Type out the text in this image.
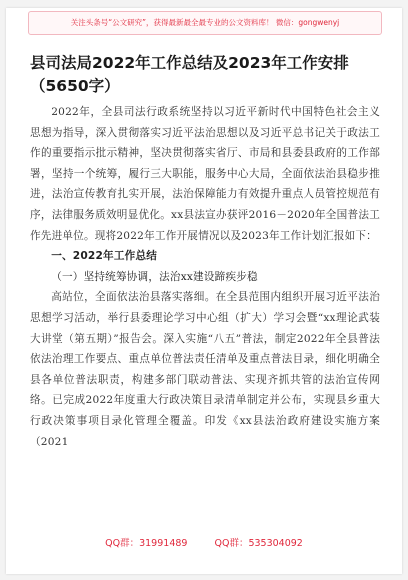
关注头条号“公文研究”，获得最新最全最专业的公文资料库！ 微信：gongwenyj
县司法局2022年工作总结及2023年工作安排（5650字）

2022年，全县司法行政系统坚持以习近平新时代中国特色社会主义思想为指导，深入贯彻落实习近平法治思想以及习近平总书记关于政法工作的重要指示批示精神，坚决贯彻落实省厅、市局和县委县政府的工作部署，坚持一个统筹，履行三大职能，服务中心大局，全面依法治县稳步推进，法治宣传教育扎实开展，法治保障能力有效提升重点人员管控规范有序，法律服务质效明显优化。xx县法宣办获评2016－2020年全国普法工作先进单位。现将2022年工作开展情况以及2023年工作计划汇报如下：

一、2022年工作总结

（一）坚持统筹协调，法治xx建设蹄疾步稳

高站位，全面依法治县落实落细。在全县范围内组织开展习近平法治思想学习活动，举行县委理论学习中心组（扩大）学习会暨“xx理论武装大讲堂（第五期）”报告会。深入实施“八五”普法，制定2022年全县普法依法治理工作要点、重点单位普法责任清单及重点普法目录，细化明确全县各单位普法职责，构建多部门联动普法、实现齐抓共管的法治宣传网络。已完成2022年度重大行政决策目录清单制定并公布，实现县乡重大行政决策事项目录化管理全覆盖。印发《xx县法治政府建设实施方案（2021

QQ群：31991489	QQ群：535304092
